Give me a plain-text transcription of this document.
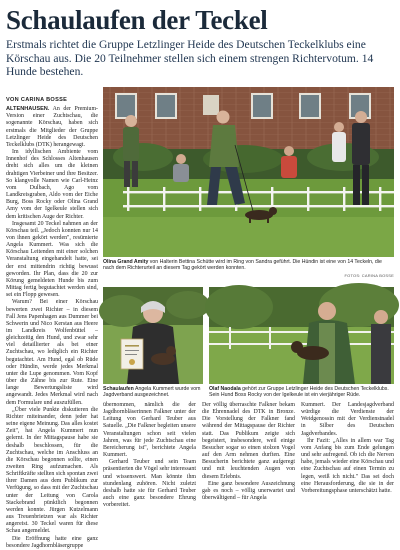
Schaulaufen der Teckel

Erstmals richtet die Gruppe Letzlinger Heide des Deutschen Teckelklubs eine Körschau aus. Die 20 Teilnehmer stellen sich einem strengen Richtervotum. 14 Hunde bestehen.

VON CARINA BOSSE

ALTENHAUSEN. An der Premium-Version einer Zuchtschau, die sogenannte Körschau, haben sich erstmals die Mitglieder der Gruppe Letzlinger Heide des Deutschen Teckelklubs (DTK) herangewagt.

Im idyllischen Ambiente vom Innenhof des Schlosses Altenhausen dreht sich alles um die kleinen drahtigen Vierbeiner und ihre Besitzer. So klangvolle Namen wie Carl-Heinz vom Dulbach, Ago vom Landkreisgraben, Aldo vom der Eiche Burg, Boss Rocky oder Olina Grand Amy vom der Igelkeule stellen sich dem kritischen Auge der Richter.

Insgesamt 20 Teckel nahmen an der Körschau teil. „Jedoch konnten nur 14 von ihnen gekört werden", resümierte Angela Kummert. Was sich die Körschau Leitenden mit einer solchen Veranstaltung eingehandelt hatte, sei der erst mittendrin richtig bewusst geworden. Ihr Plan, dass die 20 zur Körung gemeldeten Hunde bis zum Mittag fertig begutachtet werden sind, sei ein Flopp gewesen.

Warum? Bei einer Körschau bewerten zwei Richter – in diesem Fall Jens Papenhagen aus Dummer bei Schwerin und Nico Kerstan aus Heere im Landkreis Wolfenbüttel – gleichzeitig den Hund, und zwar sehr viel detaillierter als bei einer Zuchtschau, wo lediglich ein Richter begutachtet. Am Hund, egal ob Rüde oder Hündin, werde jedes Merkmal unter die Lupe genommen. Vom Kopf über die Zähne bis zur Rute. Eine lange Bewertungsliste wird angewandt. Jedes Merkmal wird nach dem Formulare und auszufüllen.

„Über viele Punkte diskutieren die Richter miteinander, denn jeder hat seine eigene Meinung. Das alles kostet Zeit", hat Angela Kummert nun gelernt. In der Mittagspause habe sie deshalb beschlossen, für die Zuchtschau, welche im Anschluss an die Körschau begonnen sollte, einen zweiten Ring aufzumachen. Als Schriftkräfte stellten sich spontan zwei ihrer Damen aus dem Publikum zur Verfügung, so dass mit der Zuchtschau unter der Leitung von Carola Stackebrand pünktlich begonnen werden konnte. Jürgen Kutzelmann aus Treuenbrietzen war als Richter angereist. 30 Teckel waren für diese Schau angemeldet.

Die Eröffnung hatte eine ganz besondere Jagdhornbläsergruppe

Olina Grand Amity von Halterin Bettina Schütte wird im Ring von Sandra geführt. Die Hündin ist eine von 14 Teckeln, die nach dem Richterurteil an diesem Tag gekört werden konnten.
FOTOS: CARINA BOSSE
Schaulaufen Angela Kummert wurde vom Jagdverband ausgezeichnet.
Olaf Naodala gehört zur Gruppe Letzlinger Heide des Deutschen Teckelklubs. Sein Hund Boss Rocky von der Igelkeule ist ein vierjähriger Rüde.

übernommen, nämlich die der Jagdhornbläserinnen Falkner unter der Leitung von Gerhard Teuber aus Satuelle. „Die Falkner begleiten unsere Veranstaltungen schon seit vielen Jahren, was für jede Zuchtschau eine Bereicherung ist", berichtete Angela Kummert.

Gerhard Teuber und sein Team präsentierten die Vögel sehr interessant und wissenswert. Man könnte ihm stundenlang zuhören. Nicht zuletzt deshalb hatte sie für Gerhard Teuber auch eine ganz besondere Ehrung vorbereitet.

Der völlig überraschte Falkner bekam die Ehrennadel des DTK in Bronze. Die Vorstellung der Falkner fand während der Mittagspause der Richter statt. Das Publikum zeigte sich begeistert, insbesondere, weil einige Besucher sogar so einen stolzen Vogel auf den Arm nehmen durften. Eine Besucherin berichtete ganz aufgeregt und mit leuchtenden Augen von diesem Erlebnis.

Eine ganz besondere Auszeichnung gab es noch – völlig unerwartet und überwältigend – für Angela

Kummert. Der Landesjagdverband würdige die Verdienste der Weidgenossin mit der Verdienstnadel in Silber des Deutschen Jagdverbandes.

Ihr Fazit: „Alles in allem war Tag vom Anfang bis zum Ende gelungen und sehr aufregend. Ob ich die Nerven habe, jemals wieder eine Körschau und eine Zuchtschau auf einen Termin zu legen, weiß ich nicht." Das sei doch eine Herausforderung, die sie in der Vorbereitungsphase unterschätzt hatte.
